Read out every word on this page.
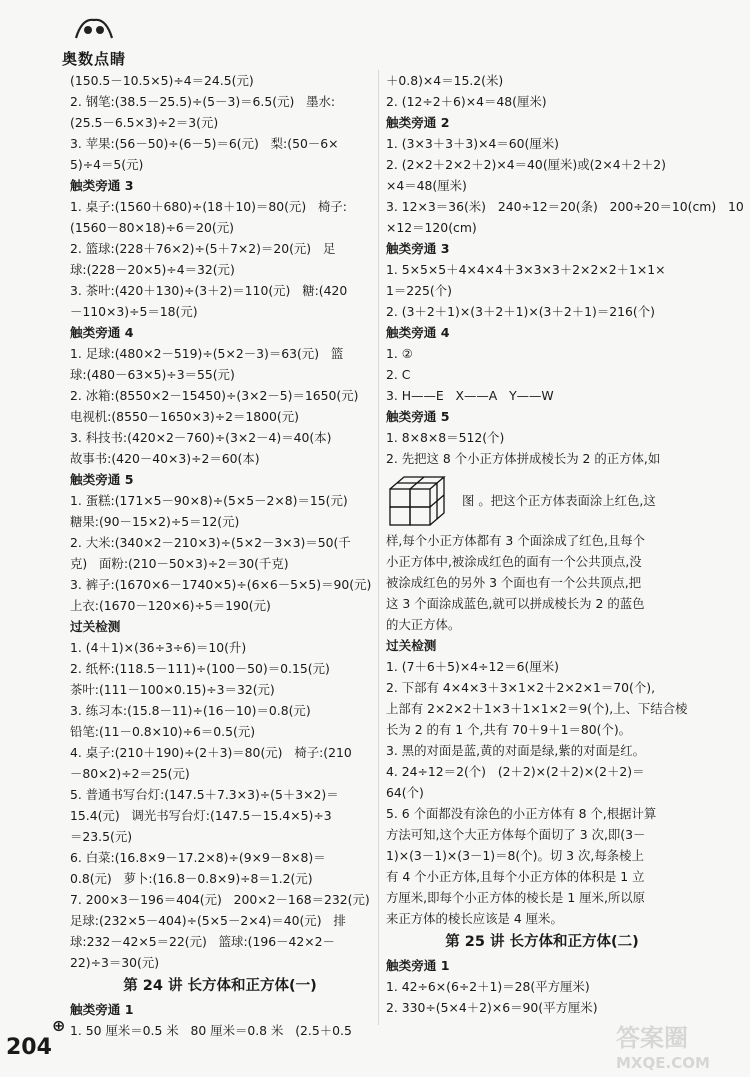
奥数点睛
(150.5－10.5×5)÷4＝24.5(元)
2. 钢笔:(38.5－25.5)÷(5－3)＝6.5(元)   墨水:
(25.5－6.5×3)÷2＝3(元)
3. 苹果:(56－50)÷(6－5)＝6(元)   梨:(50－6×
5)÷4＝5(元)
触类旁通 3
1. 桌子:(1560＋680)÷(18＋10)＝80(元)   椅子:
(1560－80×18)÷6＝20(元)
2. 篮球:(228＋76×2)÷(5＋7×2)＝20(元)   足
球:(228－20×5)÷4＝32(元)
3. 茶叶:(420＋130)÷(3＋2)＝110(元)   糖:(420
－110×3)÷5＝18(元)
触类旁通 4
1. 足球:(480×2－519)÷(5×2－3)＝63(元)   篮
球:(480－63×5)÷3＝55(元)
2. 冰箱:(8550×2－15450)÷(3×2－5)＝1650(元)
电视机:(8550－1650×3)÷2＝1800(元)
3. 科技书:(420×2－760)÷(3×2－4)＝40(本)
故事书:(420－40×3)÷2＝60(本)
触类旁通 5
1. 蛋糕:(171×5－90×8)÷(5×5－2×8)＝15(元)
糖果:(90－15×2)÷5＝12(元)
2. 大米:(340×2－210×3)÷(5×2－3×3)＝50(千
克)   面粉:(210－50×3)÷2＝30(千克)
3. 裤子:(1670×6－1740×5)÷(6×6－5×5)＝90(元)
上衣:(1670－120×6)÷5＝190(元)
过关检测
1. (4＋1)×(36÷3÷6)＝10(升)
2. 纸杯:(118.5－111)÷(100－50)＝0.15(元)
茶叶:(111－100×0.15)÷3＝32(元)
3. 练习本:(15.8－11)÷(16－10)＝0.8(元)
铅笔:(11－0.8×10)÷6＝0.5(元)
4. 桌子:(210＋190)÷(2＋3)＝80(元)   椅子:(210
－80×2)÷2＝25(元)
5. 普通书写台灯:(147.5＋7.3×3)÷(5＋3×2)＝
15.4(元)   调光书写台灯:(147.5－15.4×5)÷3
＝23.5(元)
6. 白菜:(16.8×9－17.2×8)÷(9×9－8×8)＝
0.8(元)   萝卜:(16.8－0.8×9)÷8＝1.2(元)
7. 200×3－196＝404(元)   200×2－168＝232(元)
足球:(232×5－404)÷(5×5－2×4)＝40(元)   排
球:232－42×5＝22(元)   篮球:(196－42×2－
22)÷3＝30(元)
第 24 讲 长方体和正方体(一)
触类旁通 1
1. 50 厘米＝0.5 米   80 厘米＝0.8 米   (2.5＋0.5
＋0.8)×4＝15.2(米)
2. (12÷2＋6)×4＝48(厘米)
触类旁通 2
1. (3×3＋3＋3)×4＝60(厘米)
2. (2×2＋2×2＋2)×4＝40(厘米)或(2×4＋2＋2)
×4＝48(厘米)
3. 12×3＝36(米)   240÷12＝20(条)   200÷20＝10(cm)   10
×12＝120(cm)
触类旁通 3
1. 5×5×5＋4×4×4＋3×3×3＋2×2×2＋1×1×
1＝225(个)
2. (3＋2＋1)×(3＋2＋1)×(3＋2＋1)＝216(个)
触类旁通 4
1. ②
2. C
3. H——E   X——A   Y——W
触类旁通 5
1. 8×8×8＝512(个)
2. 先把这 8 个小正方体拼成棱长为 2 的正方体,如
图 。把这个正方体表面涂上红色,这
样,每个小正方体都有 3 个面涂成了红色,且每个
小正方体中,被涂成红色的面有一个公共顶点,没
被涂成红色的另外 3 个面也有一个公共顶点,把
这 3 个面涂成蓝色,就可以拼成棱长为 2 的蓝色
的大正方体。
过关检测
1. (7＋6＋5)×4÷12＝6(厘米)
2. 下部有 4×4×3＋3×1×2＋2×2×1＝70(个),
上部有 2×2×2＋1×3＋1×1×2＝9(个),上、下结合棱
长为 2 的有 1 个,共有 70＋9＋1＝80(个)。
3. 黑的对面是蓝,黄的对面是绿,紫的对面是红。
4. 24÷12＝2(个)   (2＋2)×(2＋2)×(2＋2)＝
64(个)
5. 6 个面都没有涂色的小正方体有 8 个,根据计算
方法可知,这个大正方体每个面切了 3 次,即(3－
1)×(3－1)×(3－1)＝8(个)。切 3 次,每条棱上
有 4 个小正方体,且每个小正方体的体积是 1 立
方厘米,即每个小正方体的棱长是 1 厘米,所以原
来正方体的棱长应该是 4 厘米。
第 25 讲 长方体和正方体(二)
触类旁通 1
1. 42÷6×(6÷2＋1)＝28(平方厘米)
2. 330÷(5×4＋2)×6＝90(平方厘米)
⊕
204	答案圈
MXQE.COM
